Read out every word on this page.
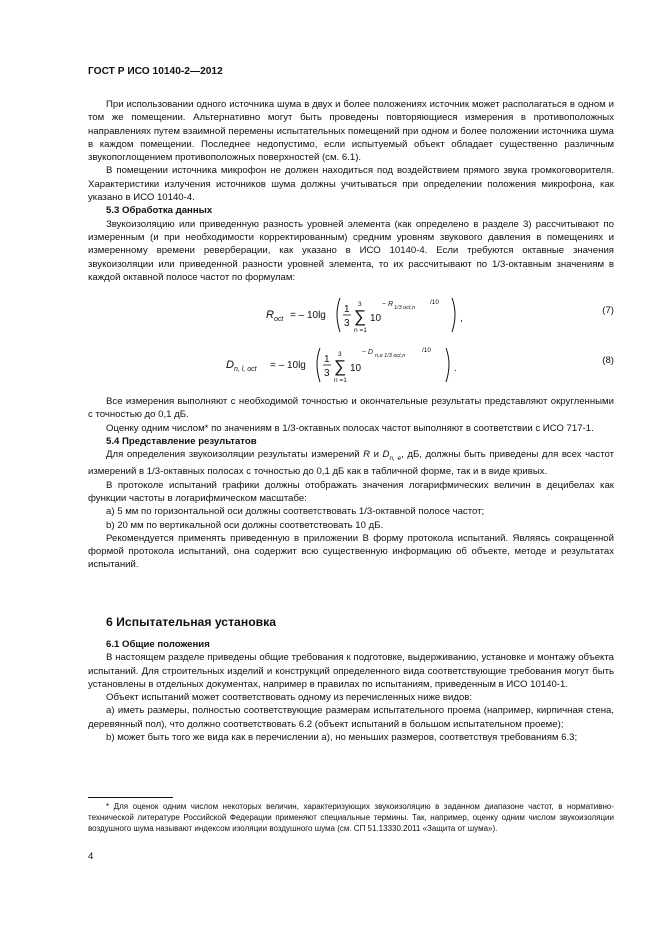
ГОСТ Р ИСО 10140-2—2012

При использовании одного источника шума в двух и более положениях источник может располагаться в одном и том же помещении. Альтернативно могут быть проведены повторяющиеся измерения в противоположных направлениях путем взаимной перемены испытательных помещений при одном и более положении источника шума в каждом помещении. Последнее недопустимо, если испытуемый объект обладает существенно различным звукопоглощением противоположных поверхностей (см. 6.1).

В помещении источника микрофон не должен находиться под воздействием прямого звука громкоговорителя. Характеристики излучения источников шума должны учитываться при определении положения микрофона, как указано в ИСО 10140-4.

5.3 Обработка данных

Звукоизоляцию или приведенную разность уровней элемента (как определено в разделе 3) рассчитывают по измеренным (и при необходимости корректированным) средним уровням звукового давления в помещениях и измеренному времени реверберации, как указано в ИСО 10140-4. Если требуются октавные значения звукоизоляции или приведенной разности уровней элемента, то их рассчитывают по 1/3-октавным значениям в каждой октавной полосе частот по формулам:

R oct = – 10lg
1
3
3
∑
n =1
10
− R 1/3 oct,n
/10
,
(7)
D n, l, oct = – 10lg
1
3
3
∑
n =1
10
− D n,e 1/3 oct,n
/10
.
(8)

Все измерения выполняют с необходимой точностью и окончательные результаты представляют округленными с точностью до 0,1 дБ.

Оценку одним числом* по значениям в 1/3-октавных полосах частот выполняют в соответствии с ИСО 717-1.

5.4 Представление результатов

Для определения звукоизоляции результаты измерений R и $D_{n, e}$, дБ, должны быть приведены для всех частот измерений в 1/3-октавных полосах с точностью до 0,1 дБ как в табличной форме, так и в виде кривых.

В протоколе испытаний графики должны отображать значения логарифмических величин в децибелах как функции частоты в логарифмическом масштабе:

a) 5 мм по горизонтальной оси должны соответствовать 1/3-октавной полосе частот;

b) 20 мм по вертикальной оси должны соответствовать 10 дБ.

Рекомендуется применять приведенную в приложении В форму протокола испытаний. Являясь сокращенной формой протокола испытаний, она содержит всю существенную информацию об объекте, методе и результатах испытаний.

6 Испытательная установка

6.1 Общие положения

В настоящем разделе приведены общие требования к подготовке, выдерживанию, установке и монтажу объекта испытаний. Для строительных изделий и конструкций определенного вида соответствующие требования могут быть установлены в отдельных документах, например в правилах по испытаниям, приведенным в ИСО 10140-1.

Объект испытаний может соответствовать одному из перечисленных ниже видов:

a) иметь размеры, полностью соответствующие размерам испытательного проема (например, кирпичная стена, деревянный пол), что должно соответствовать 6.2 (объект испытаний в большом испытательном проеме);

b) может быть того же вида как в перечислении а), но меньших размеров, соответствуя требованиям 6.3;

* Для оценок одним числом некоторых величин, характеризующих звукоизоляцию в заданном диапазоне частот, в нормативно-технической литературе Российской Федерации применяют специальные термины. Так, например, оценку одним числом звукоизоляции воздушного шума называют индексом изоляции воздушного шума (см. СП 51.13330.2011 «Защита от шума»).

4
